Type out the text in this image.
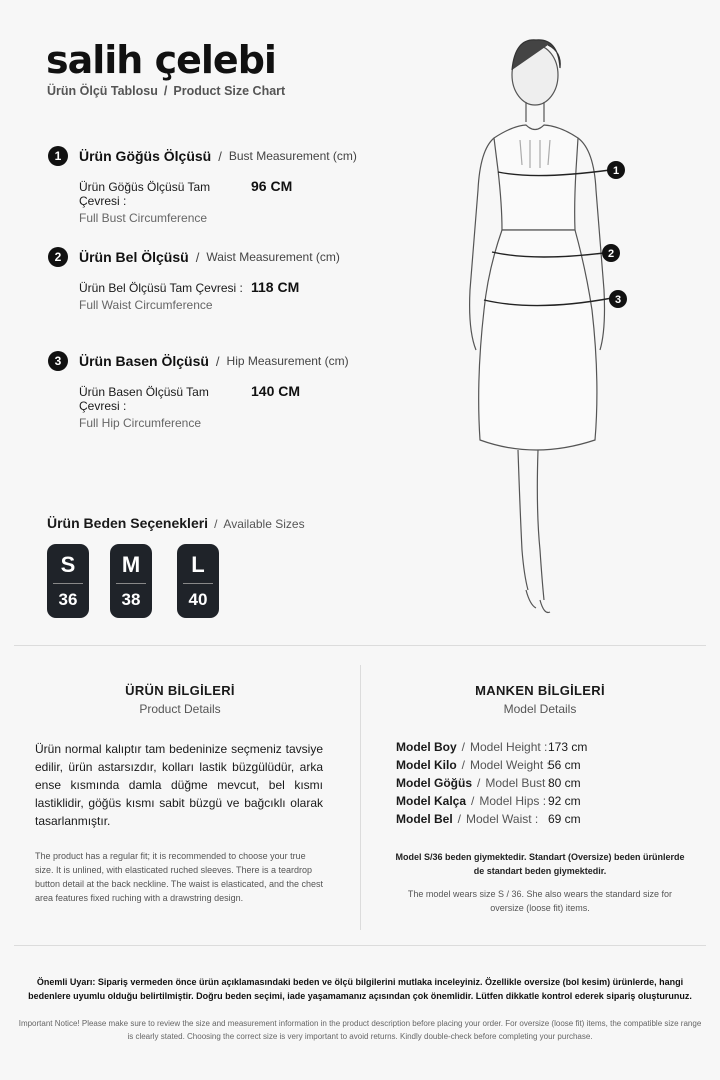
salih çelebi
Ürün Ölçü Tablosu / Product Size Chart
1	Ürün Göğüs Ölçüsü / Bust Measurement (cm)
Ürün Göğüs Ölçüsü Tam Çevresi :
96 CM
Full Bust Circumference
2	Ürün Bel Ölçüsü / Waist Measurement (cm)
Ürün Bel Ölçüsü Tam Çevresi : 118 CM
Full Waist Circumference
3	Ürün Basen Ölçüsü / Hip Measurement (cm)
Ürün Basen Ölçüsü Tam Çevresi :
140 CM
Full Hip Circumference
Ürün Beden Seçenekleri / Available Sizes
S
36
M
38
L
40
1
2
3
ÜRÜN BİLGİLERİ
Product Details
Ürün normal kalıptır tam bedeninize seçmeniz tavsiye edilir, ürün astarsızdır, kolları lastik büzgülüdür, arka ense kısmında damla düğme mevcut, bel kısmı lastiklidir, göğüs kısmı sabit büzgü ve bağcıklı olarak tasarlanmıştır.
The product has a regular fit; it is recommended to choose your true size. It is unlined, with elasticated ruched sleeves. There is a teardrop button detail at the back neckline. The waist is elasticated, and the chest area features fixed ruching with a drawstring design.
MANKEN BİLGİLERİ
Model Details
Model Boy / Model Height : 173 cm
Model Kilo / Model Weight :
56 cm
Model Göğüs / Model Bust :
80 cm
Model Kalça / Model Hips : 92 cm
Model Bel / Model Waist : 69 cm
Model S/36 beden giymektedir. Standart (Oversize) beden ürünlerde de standart beden giymektedir.
The model wears size S / 36. She also wears the standard size for oversize (loose fit) items.
Önemli Uyarı: Sipariş vermeden önce ürün açıklamasındaki beden ve ölçü bilgilerini mutlaka inceleyiniz. Özellikle oversize (bol kesim) ürünlerde, hangi bedenlere uyumlu olduğu belirtilmiştir. Doğru beden seçimi, iade yaşamamanız açısından çok önemlidir. Lütfen dikkatle kontrol ederek sipariş oluşturunuz.
Important Notice! Please make sure to review the size and measurement information in the product description before placing your order. For oversize (loose fit) items, the compatible size range is clearly stated. Choosing the correct size is very important to avoid returns. Kindly double-check before completing your purchase.
